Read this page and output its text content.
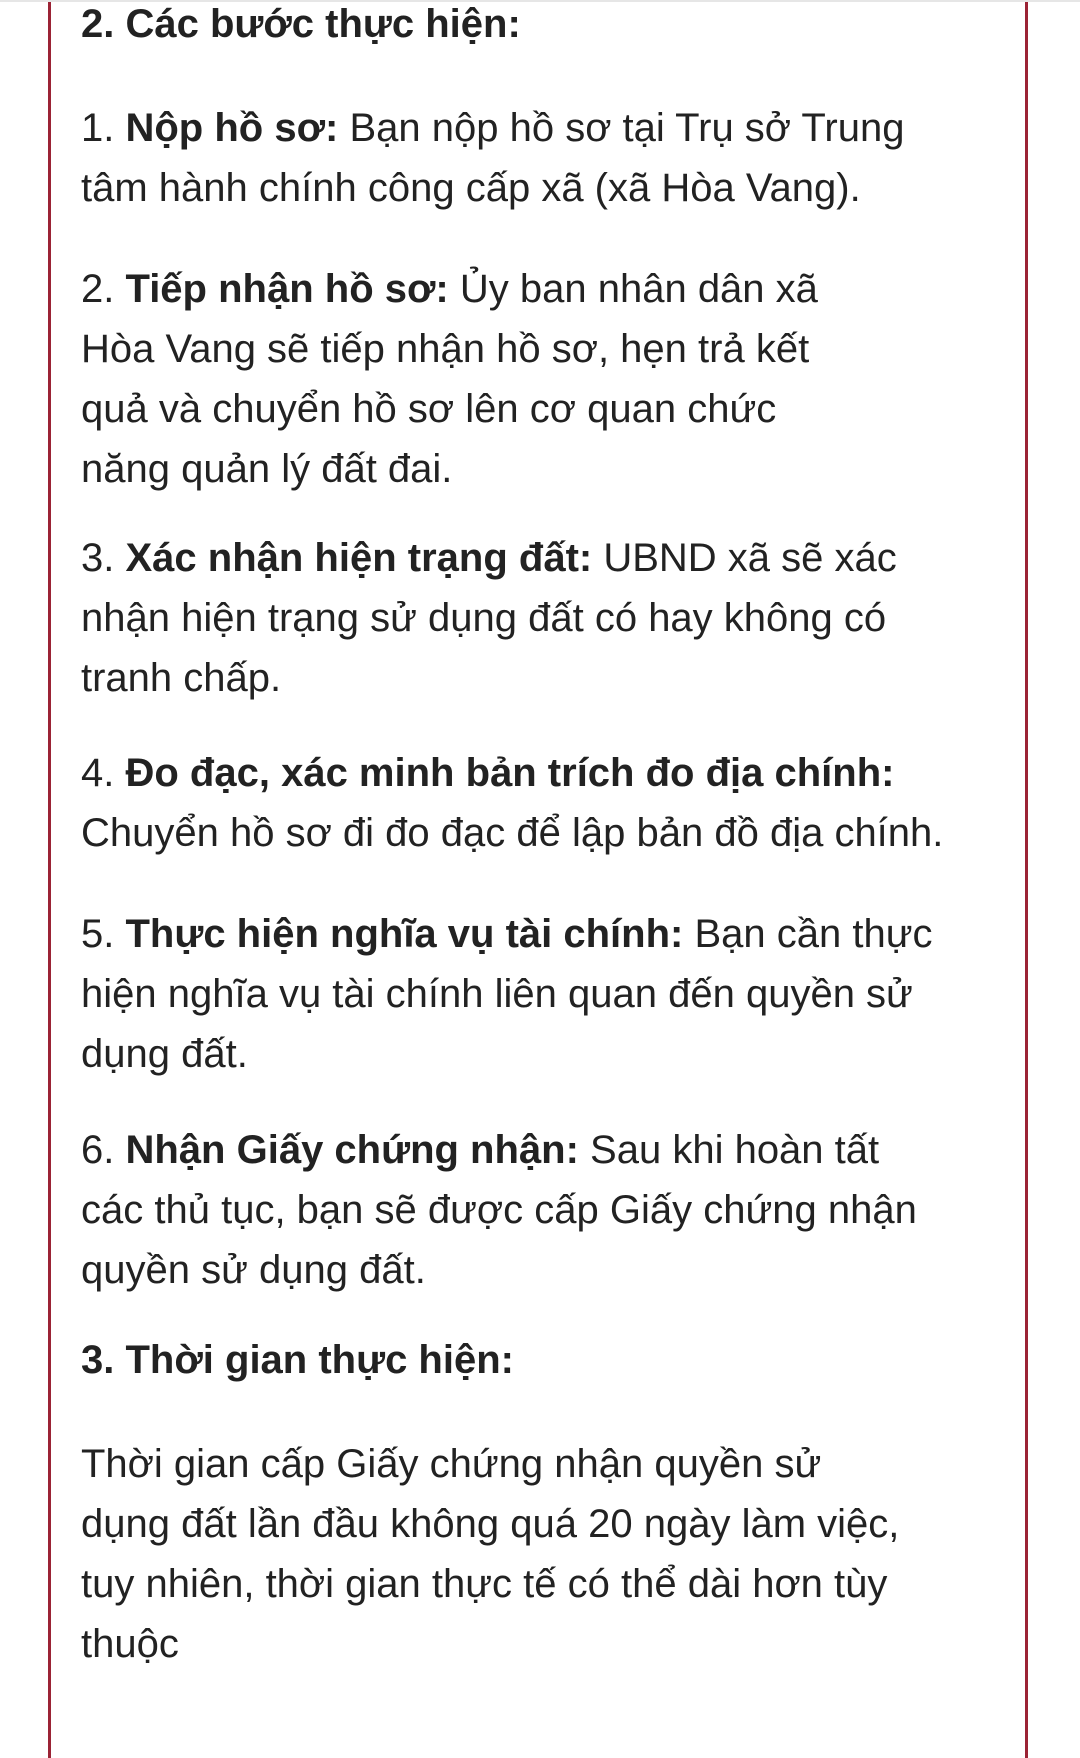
2. Các bước thực hiện:

1. Nộp hồ sơ: Bạn nộp hồ sơ tại Trụ sở Trung tâm hành chính công cấp xã (xã Hòa Vang).

2. Tiếp nhận hồ sơ: Ủy ban nhân dân xã Hòa Vang sẽ tiếp nhận hồ sơ, hẹn trả kết quả và chuyển hồ sơ lên cơ quan chức năng quản lý đất đai.

3. Xác nhận hiện trạng đất: UBND xã sẽ xác nhận hiện trạng sử dụng đất có hay không có tranh chấp.

4. Đo đạc, xác minh bản trích đo địa chính: Chuyển hồ sơ đi đo đạc để lập bản đồ địa chính.

5. Thực hiện nghĩa vụ tài chính: Bạn cần thực hiện nghĩa vụ tài chính liên quan đến quyền sử dụng đất.

6. Nhận Giấy chứng nhận: Sau khi hoàn tất các thủ tục, bạn sẽ được cấp Giấy chứng nhận quyền sử dụng đất.

3. Thời gian thực hiện:

Thời gian cấp Giấy chứng nhận quyền sử dụng đất lần đầu không quá 20 ngày làm việc, tuy nhiên, thời gian thực tế có thể dài hơn tùy thuộc
